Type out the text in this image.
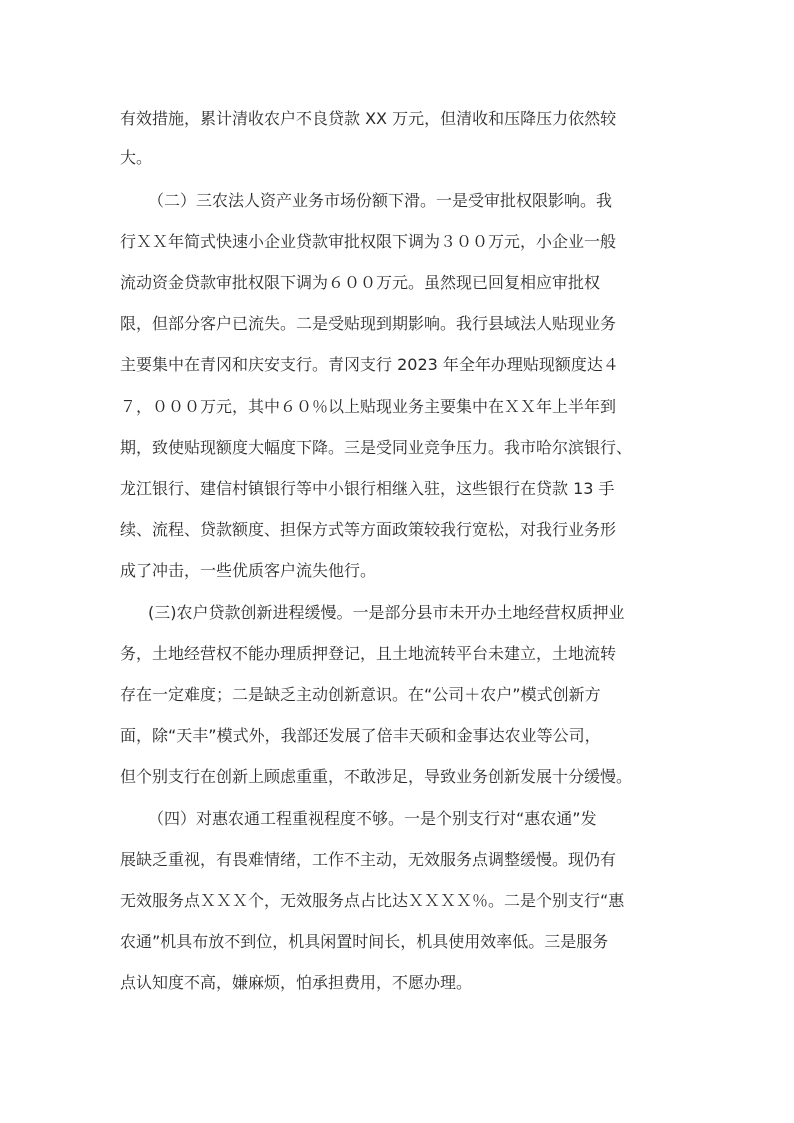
有效措施，累计清收农户不良贷款 XX 万元，但清收和压降压力依然较
大。
（二）三农法人资产业务市场份额下滑。一是受审批权限影响。我
行ＸＸ年简式快速小企业贷款审批权限下调为３００万元，小企业一般
流动资金贷款审批权限下调为６００万元。虽然现已回复相应审批权
限，但部分客户已流失。二是受贴现到期影响。我行县域法人贴现业务
主要集中在青冈和庆安支行。青冈支行 2023 年全年办理贴现额度达４
７，０００万元，其中６０％以上贴现业务主要集中在ＸＸ年上半年到
期，致使贴现额度大幅度下降。三是受同业竞争压力。我市哈尔滨银行、
龙江银行、建信村镇银行等中小银行相继入驻，这些银行在贷款 13 手
续、流程、贷款额度、担保方式等方面政策较我行宽松，对我行业务形
成了冲击，一些优质客户流失他行。
(三)农户贷款创新进程缓慢。一是部分县市未开办土地经营权质押业
务，土地经营权不能办理质押登记，且土地流转平台未建立，土地流转
存在一定难度；二是缺乏主动创新意识。在“公司＋农户”模式创新方
面，除“天丰”模式外，我部还发展了倍丰天硕和金事达农业等公司，
但个别支行在创新上顾虑重重，不敢涉足，导致业务创新发展十分缓慢。
（四）对惠农通工程重视程度不够。一是个别支行对“惠农通”发
展缺乏重视，有畏难情绪，工作不主动，无效服务点调整缓慢。现仍有
无效服务点ＸＸＸ个，无效服务点占比达ＸＸＸＸ％。二是个别支行“惠
农通”机具布放不到位，机具闲置时间长，机具使用效率低。三是服务
点认知度不高，嫌麻烦，怕承担费用，不愿办理。
